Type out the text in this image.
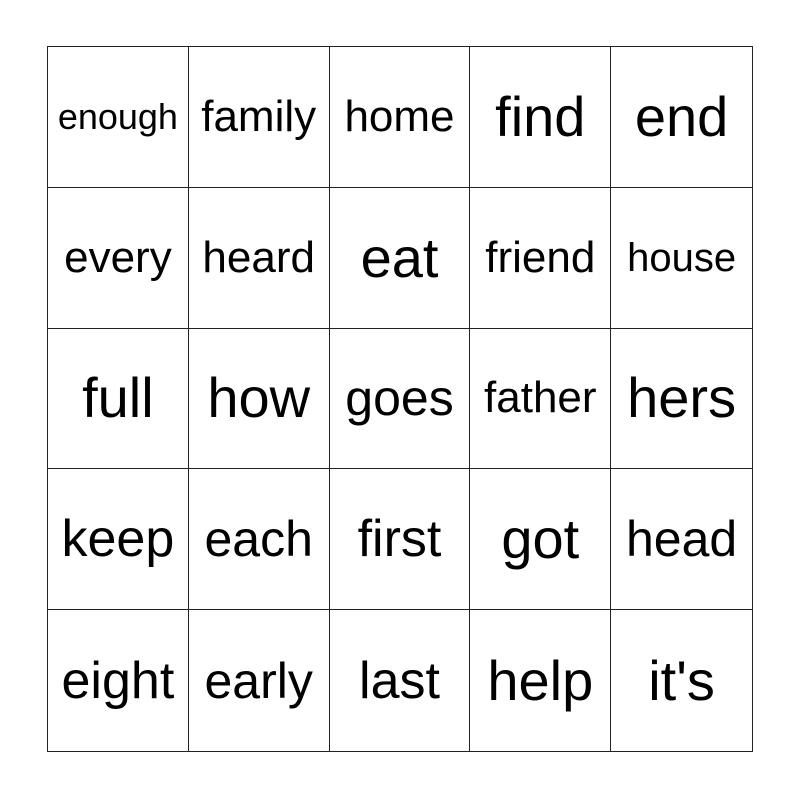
enough family home find end
every heard eat friend house
full how goes father hers
keep each first got head
eight early last help it's
